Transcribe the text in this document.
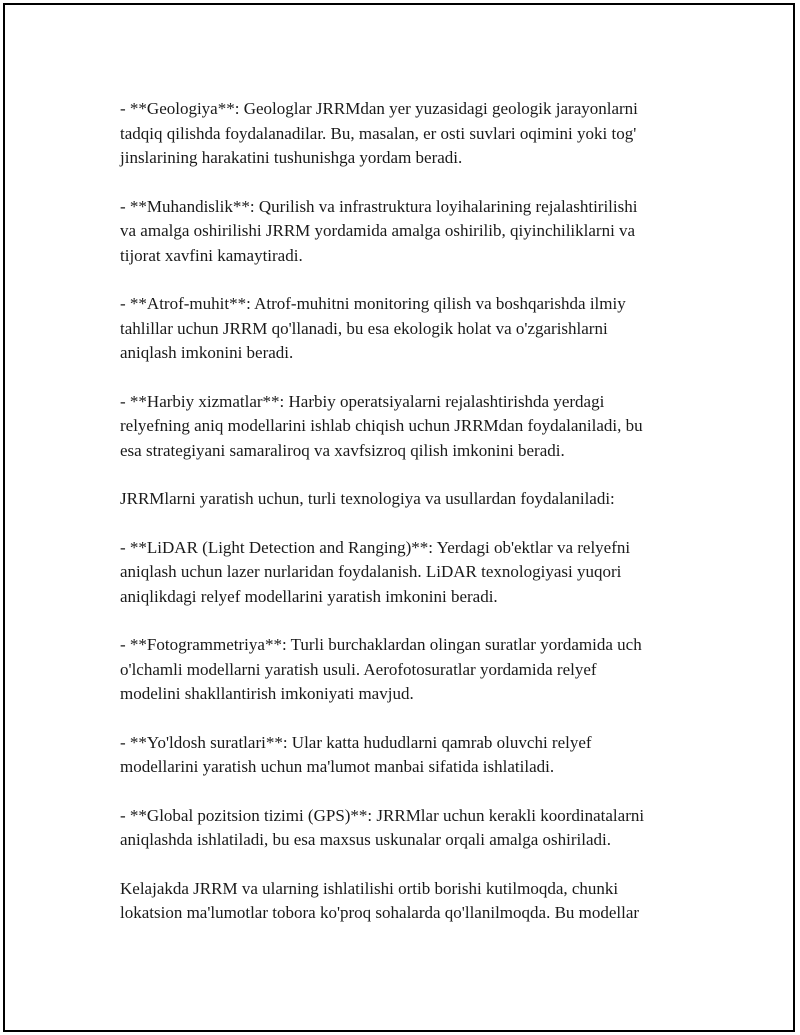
- **Geologiya**: Geologlar JRRMdan yer yuzasidagi geologik jarayonlarni
tadqiq qilishda foydalanadilar. Bu, masalan, er osti suvlari oqimini yoki tog'
jinslarining harakatini tushunishga yordam beradi.

- **Muhandislik**: Qurilish va infrastruktura loyihalarining rejalashtirilishi
va amalga oshirilishi JRRM yordamida amalga oshirilib, qiyinchiliklarni va
tijorat xavfini kamaytiradi.

- **Atrof-muhit**: Atrof-muhitni monitoring qilish va boshqarishda ilmiy
tahlillar uchun JRRM qo'llanadi, bu esa ekologik holat va o'zgarishlarni
aniqlash imkonini beradi.

- **Harbiy xizmatlar**: Harbiy operatsiyalarni rejalashtirishda yerdagi
relyefning aniq modellarini ishlab chiqish uchun JRRMdan foydalaniladi, bu
esa strategiyani samaraliroq va xavfsizroq qilish imkonini beradi.

JRRMlarni yaratish uchun, turli texnologiya va usullardan foydalaniladi:

- **LiDAR (Light Detection and Ranging)**: Yerdagi ob'ektlar va relyefni
aniqlash uchun lazer nurlaridan foydalanish. LiDAR texnologiyasi yuqori
aniqlikdagi relyef modellarini yaratish imkonini beradi.

- **Fotogrammetriya**: Turli burchaklardan olingan suratlar yordamida uch
o'lchamli modellarni yaratish usuli. Aerofotosuratlar yordamida relyef
modelini shakllantirish imkoniyati mavjud.

- **Yo'ldosh suratlari**: Ular katta hududlarni qamrab oluvchi relyef
modellarini yaratish uchun ma'lumot manbai sifatida ishlatiladi.

- **Global pozitsion tizimi (GPS)**: JRRMlar uchun kerakli koordinatalarni
aniqlashda ishlatiladi, bu esa maxsus uskunalar orqali amalga oshiriladi.

Kelajakda JRRM va ularning ishlatilishi ortib borishi kutilmoqda, chunki
lokatsion ma'lumotlar tobora ko'proq sohalarda qo'llanilmoqda. Bu modellar
